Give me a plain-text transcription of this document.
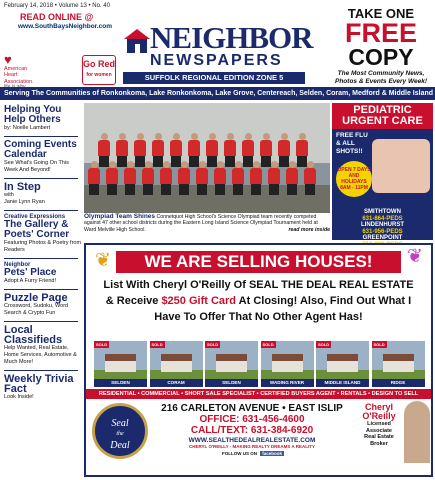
February 14, 2018 • Volume 13 • No. 40
READ ONLINE @
www.SouthBaysNeighbor.com
♥
American
Heart
Association.
Go Red
for women
NEIGHBOR
NEWSPAPERS
SUFFOLK REGIONAL EDITION ZONE 5
TAKE ONE
FREE
COPY
The Most Community News,
Photos & Events Every Week!
Serving The Communities of Ronkonkoma, Lake Ronkonkoma, Lake Grove, Centereach, Selden, Coram, Medford & Middle Island
Helping You Help Others
by: Noelle Lambert
Coming Events Calendar
See What's Going On This Week And Beyond!
In Step
with
Janie Lynn Ryan
Creative Expressions
The Gallery & Poets' Corner
Featuring Photos & Poetry from Readers
Neighbor
Pets' Place
Adopt A Furry Friend!
Puzzle Page
Crossword, Sudoku, Word Search & Crypto Fun
Local Classifieds
Help Wanted, Real Estate, Home Services, Automotive & Much More!
Weekly Trivia Fact
Look Inside!
Olympiad Team Shines Connetquot High School's Science Olympiad team recently competed against 47 other school districts during the Eastern Long Island Science Olympiad Tournament held at Ward Melville High School.	read more inside
PEDIATRIC URGENT CARE
FREE FLU
& ALL
SHOTS!!
OPEN 7 DAYS AND HOLIDAYS 8AM - 11PM
SMITHTOWN
631-864-PEDS
LINDENHURST
631-956-PEDS
GREENPOINT
❦	WE ARE SELLING HOUSES!	❦
List With Cheryl O'Reilly Of SEAL THE DEAL REAL ESTATE
& Receive $250 Gift Card At Closing! Also, Find Out What I
Have To Offer That No Other Agent Has!
SOLD
SELDEN
SOLD
CORAM
SOLD
SELDEN
SOLD
WADING RIVER
SOLD
MIDDLE ISLAND
SOLD
RIDGE
RESIDENTIAL • COMMERCIAL • SHORT SALE SPECIALIST • CERTIFIED BUYERS AGENT • RENTALS • DESIGN TO SELL
Seal
the
Deal
216 CARLETON AVENUE • EAST ISLIP
OFFICE: 631-456-4600
CALL/TEXT: 631-384-6920
WWW.SEALTHEDEALREALESTATE.COM
CHERYL O'REILLY - MAKING REALTY DREAMS A REALITY
FOLLOW US ON facebook
Cheryl
O'Reilly
Licensed
Associate
Real Estate
Broker
